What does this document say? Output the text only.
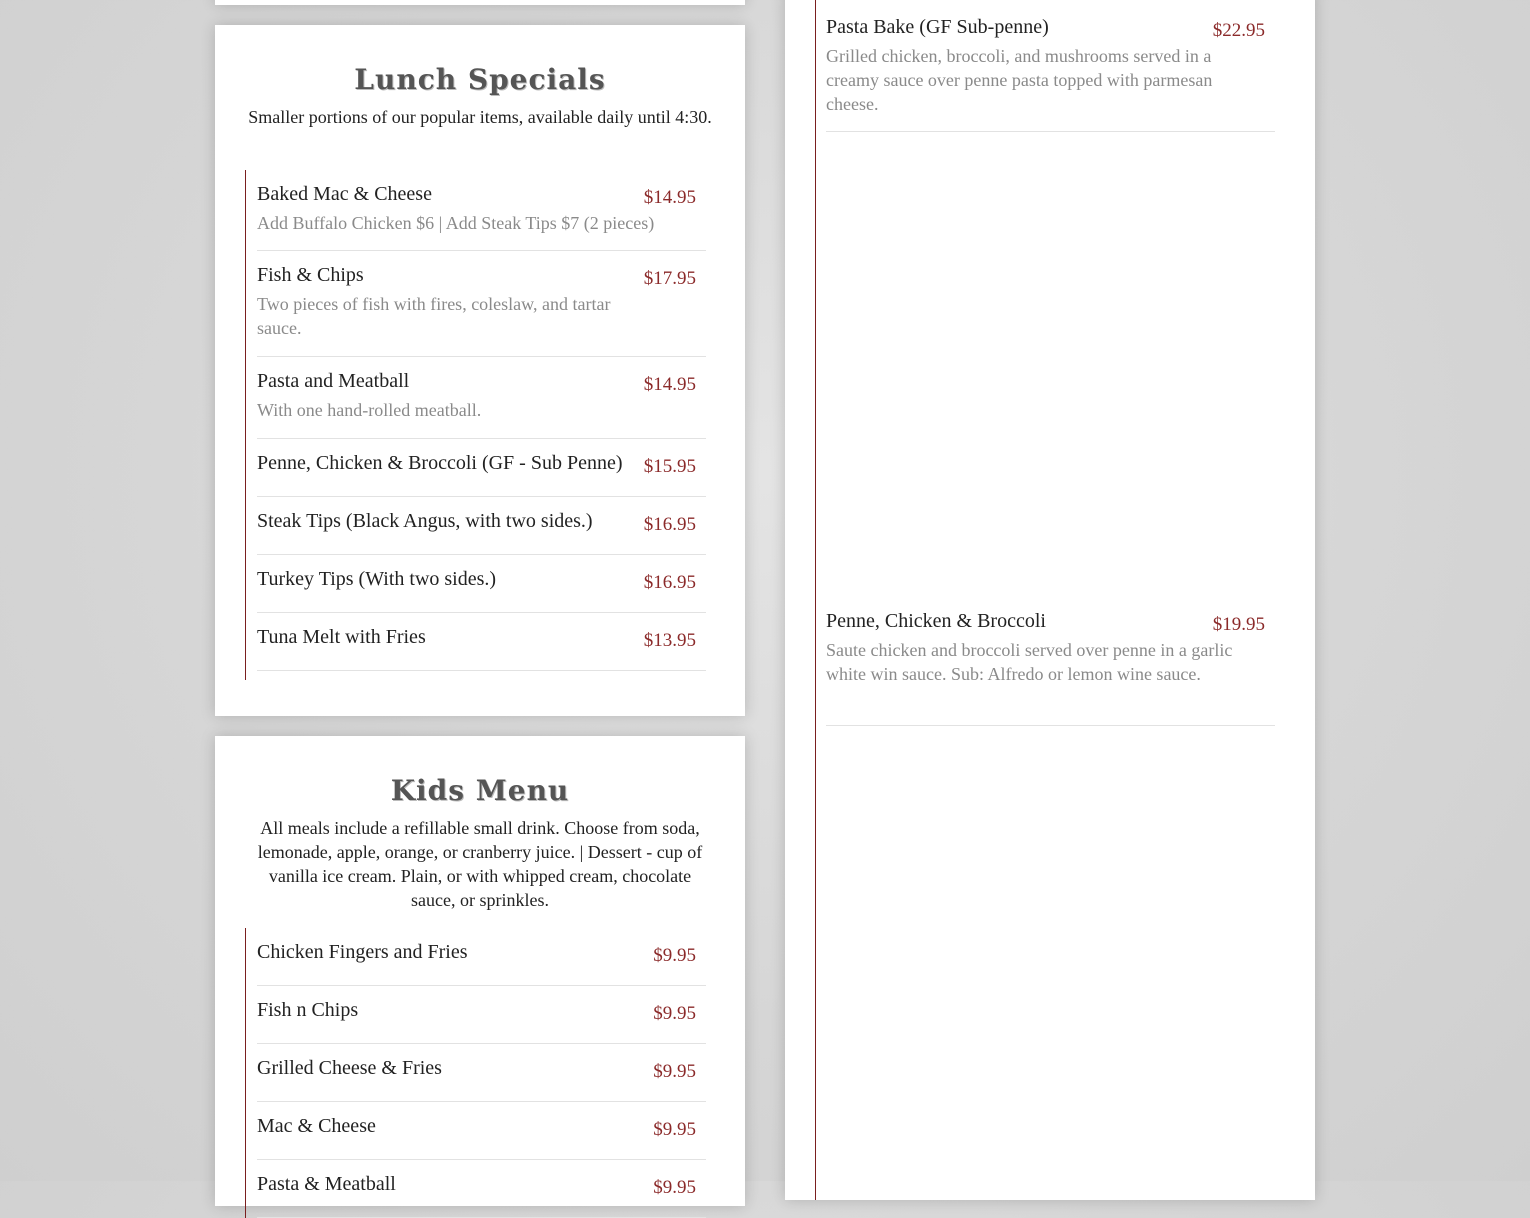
Lunch Specials
Smaller portions of our popular items, available daily until 4:30.
Baked Mac & Cheese	$14.95
Add Buffalo Chicken $6 | Add Steak Tips $7 (2 pieces)
Fish & Chips	$17.95
Two pieces of fish with fires, coleslaw, and tartar sauce.
Pasta and Meatball	$14.95
With one hand-rolled meatball.
Penne, Chicken & Broccoli (GF - Sub Penne) $15.95
Steak Tips (Black Angus, with two sides.)	$16.95
Turkey Tips (With two sides.)	$16.95
Tuna Melt with Fries	$13.95
Kids Menu
All meals include a refillable small drink. Choose from soda, lemonade, apple, orange, or cranberry juice. | Dessert - cup of vanilla ice cream. Plain, or with whipped cream, chocolate sauce, or sprinkles.
Chicken Fingers and Fries	$9.95
Fish n Chips	$9.95
Grilled Cheese & Fries	$9.95
Mac & Cheese	$9.95
Pasta & Meatball	$9.95
Pasta Bake (GF Sub-penne)	$22.95
Grilled chicken, broccoli, and mushrooms served in a creamy sauce over penne pasta topped with parmesan cheese.
Penne, Chicken & Broccoli	$19.95
Saute chicken and broccoli served over penne in a garlic white win sauce. Sub: Alfredo or lemon wine sauce.
